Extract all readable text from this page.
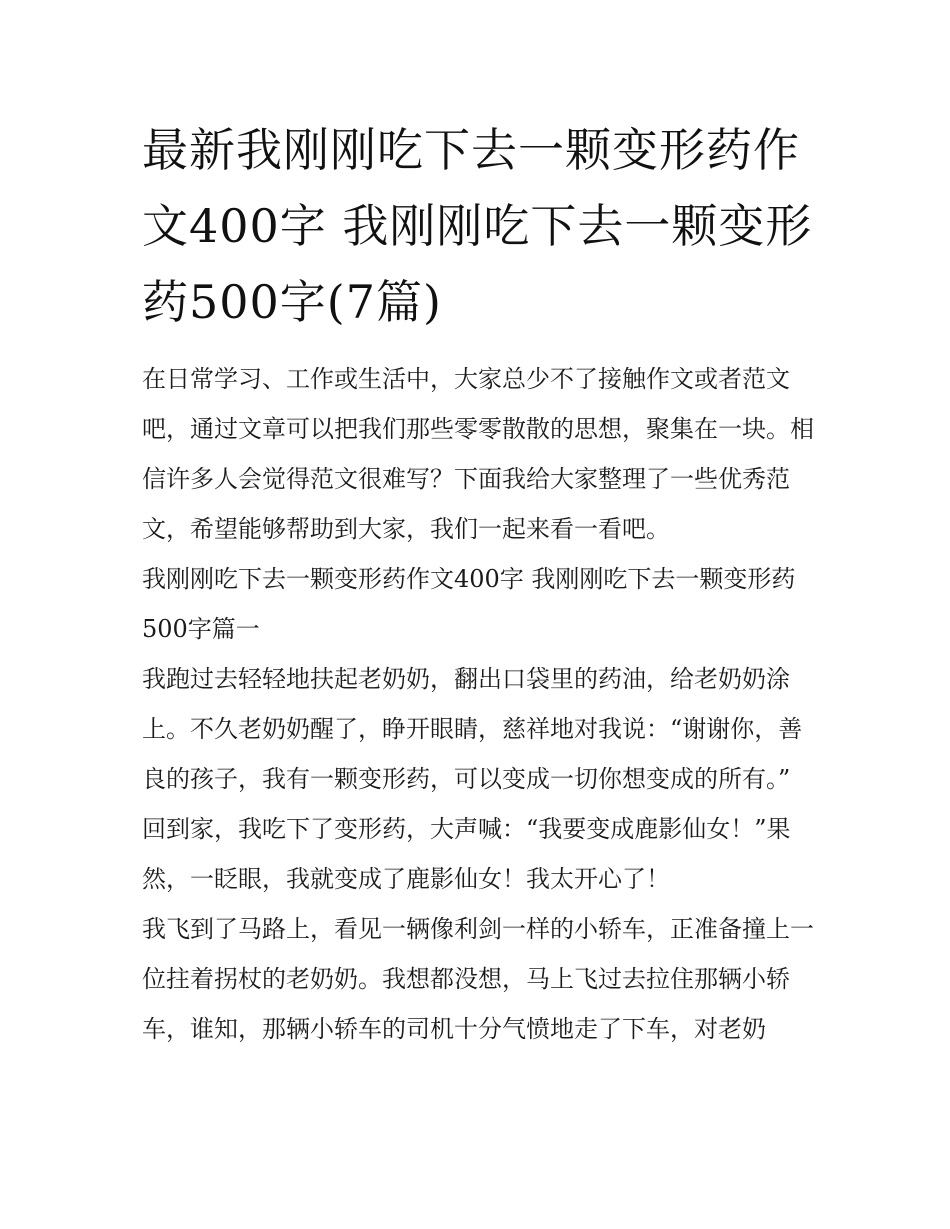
最新我刚刚吃下去一颗变形药作文400字 我刚刚吃下去一颗变形药500字(7篇)

在日常学习、工作或生活中，大家总少不了接触作文或者范文吧，通过文章可以把我们那些零零散散的思想，聚集在一块。相信许多人会觉得范文很难写？下面我给大家整理了一些优秀范文，希望能够帮助到大家，我们一起来看一看吧。

我刚刚吃下去一颗变形药作文400字 我刚刚吃下去一颗变形药500字篇一

我跑过去轻轻地扶起老奶奶，翻出口袋里的药油，给老奶奶涂上。不久老奶奶醒了，睁开眼睛，慈祥地对我说：“谢谢你，善良的孩子，我有一颗变形药，可以变成一切你想变成的所有。”

回到家，我吃下了变形药，大声喊：“我要变成鹿影仙女！”果然，一眨眼，我就变成了鹿影仙女！我太开心了！

我飞到了马路上，看见一辆像利剑一样的小轿车，正准备撞上一位拄着拐杖的老奶奶。我想都没想，马上飞过去拉住那辆小轿车，谁知，那辆小轿车的司机十分气愤地走了下车，对老奶
